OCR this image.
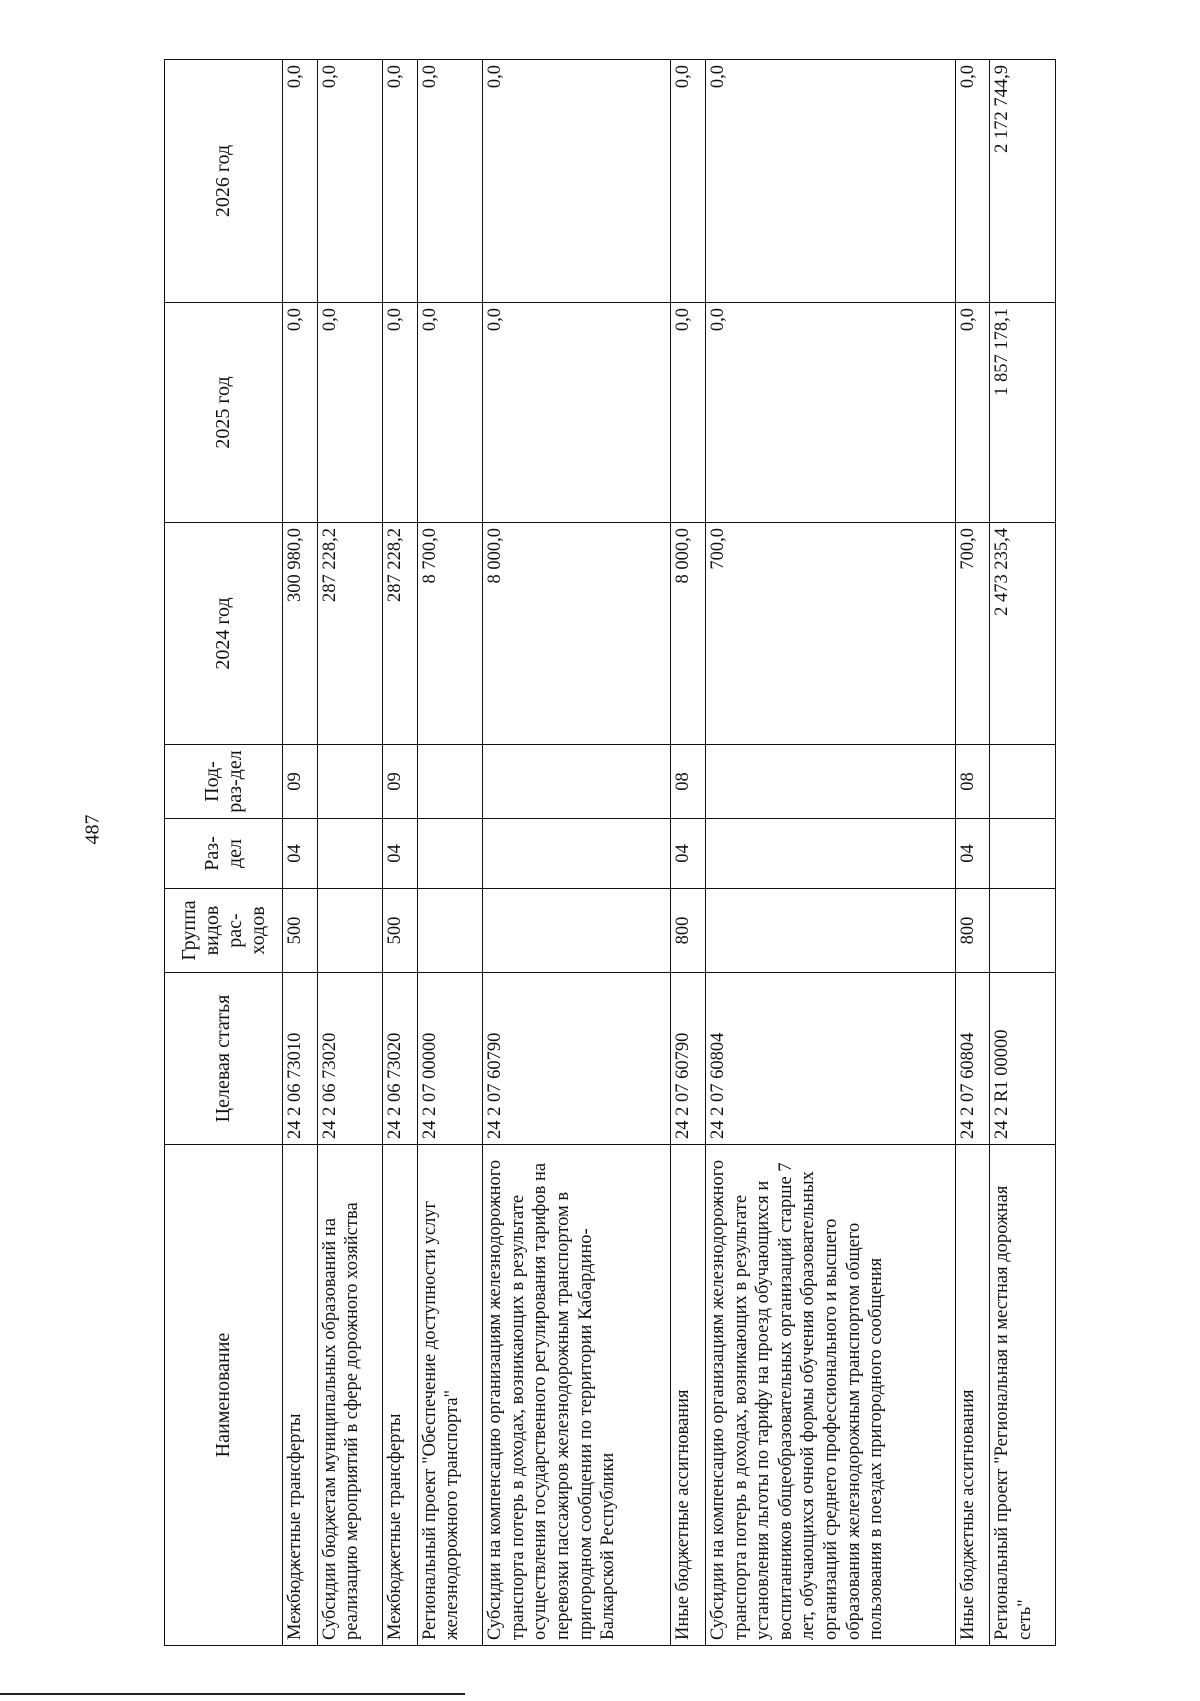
487
Наименование	Целевая статья	Группа видов рас-ходов	Раз-дел	Под-раз-дел	2024 год	2025 год	2026 год
Межбюджетные трансферты	24 2 06 73010	500	04	09	300 980,0	0,0	0,0
Субсидии бюджетам муниципальных образований на реализацию мероприятий в сфере дорожного хозяйства	24 2 06 73020				287 228,2	0,0	0,0
Межбюджетные трансферты	24 2 06 73020	500	04	09	287 228,2	0,0	0,0
Региональный проект "Обеспечение доступности услуг железнодорожного транспорта"	24 2 07 00000				8 700,0	0,0	0,0
Субсидии на компенсацию организациям железнодорожного транспорта потерь в доходах, возникающих в результате осуществления государственного регулирования тарифов на перевозки пассажиров железнодорожным транспортом в пригородном сообщении по территории Кабардино-Балкарской Республики	24 2 07 60790				8 000,0	0,0	0,0
Иные бюджетные ассигнования	24 2 07 60790	800	04	08	8 000,0	0,0	0,0
Субсидии на компенсацию организациям железнодорожного транспорта потерь в доходах, возникающих в результате установления льготы по тарифу на проезд обучающихся и воспитанников общеобразовательных организаций старше 7 лет, обучающихся очной формы обучения образовательных организаций среднего профессионального и высшего образования железнодорожным транспортом общего пользования в поездах пригородного сообщения	24 2 07 60804				700,0	0,0	0,0
Иные бюджетные ассигнования	24 2 07 60804	800	04	08	700,0	0,0	0,0
Региональный проект "Региональная и местная дорожная сеть"	24 2 R1 00000				2 473 235,4	1 857 178,1	2 172 744,9
